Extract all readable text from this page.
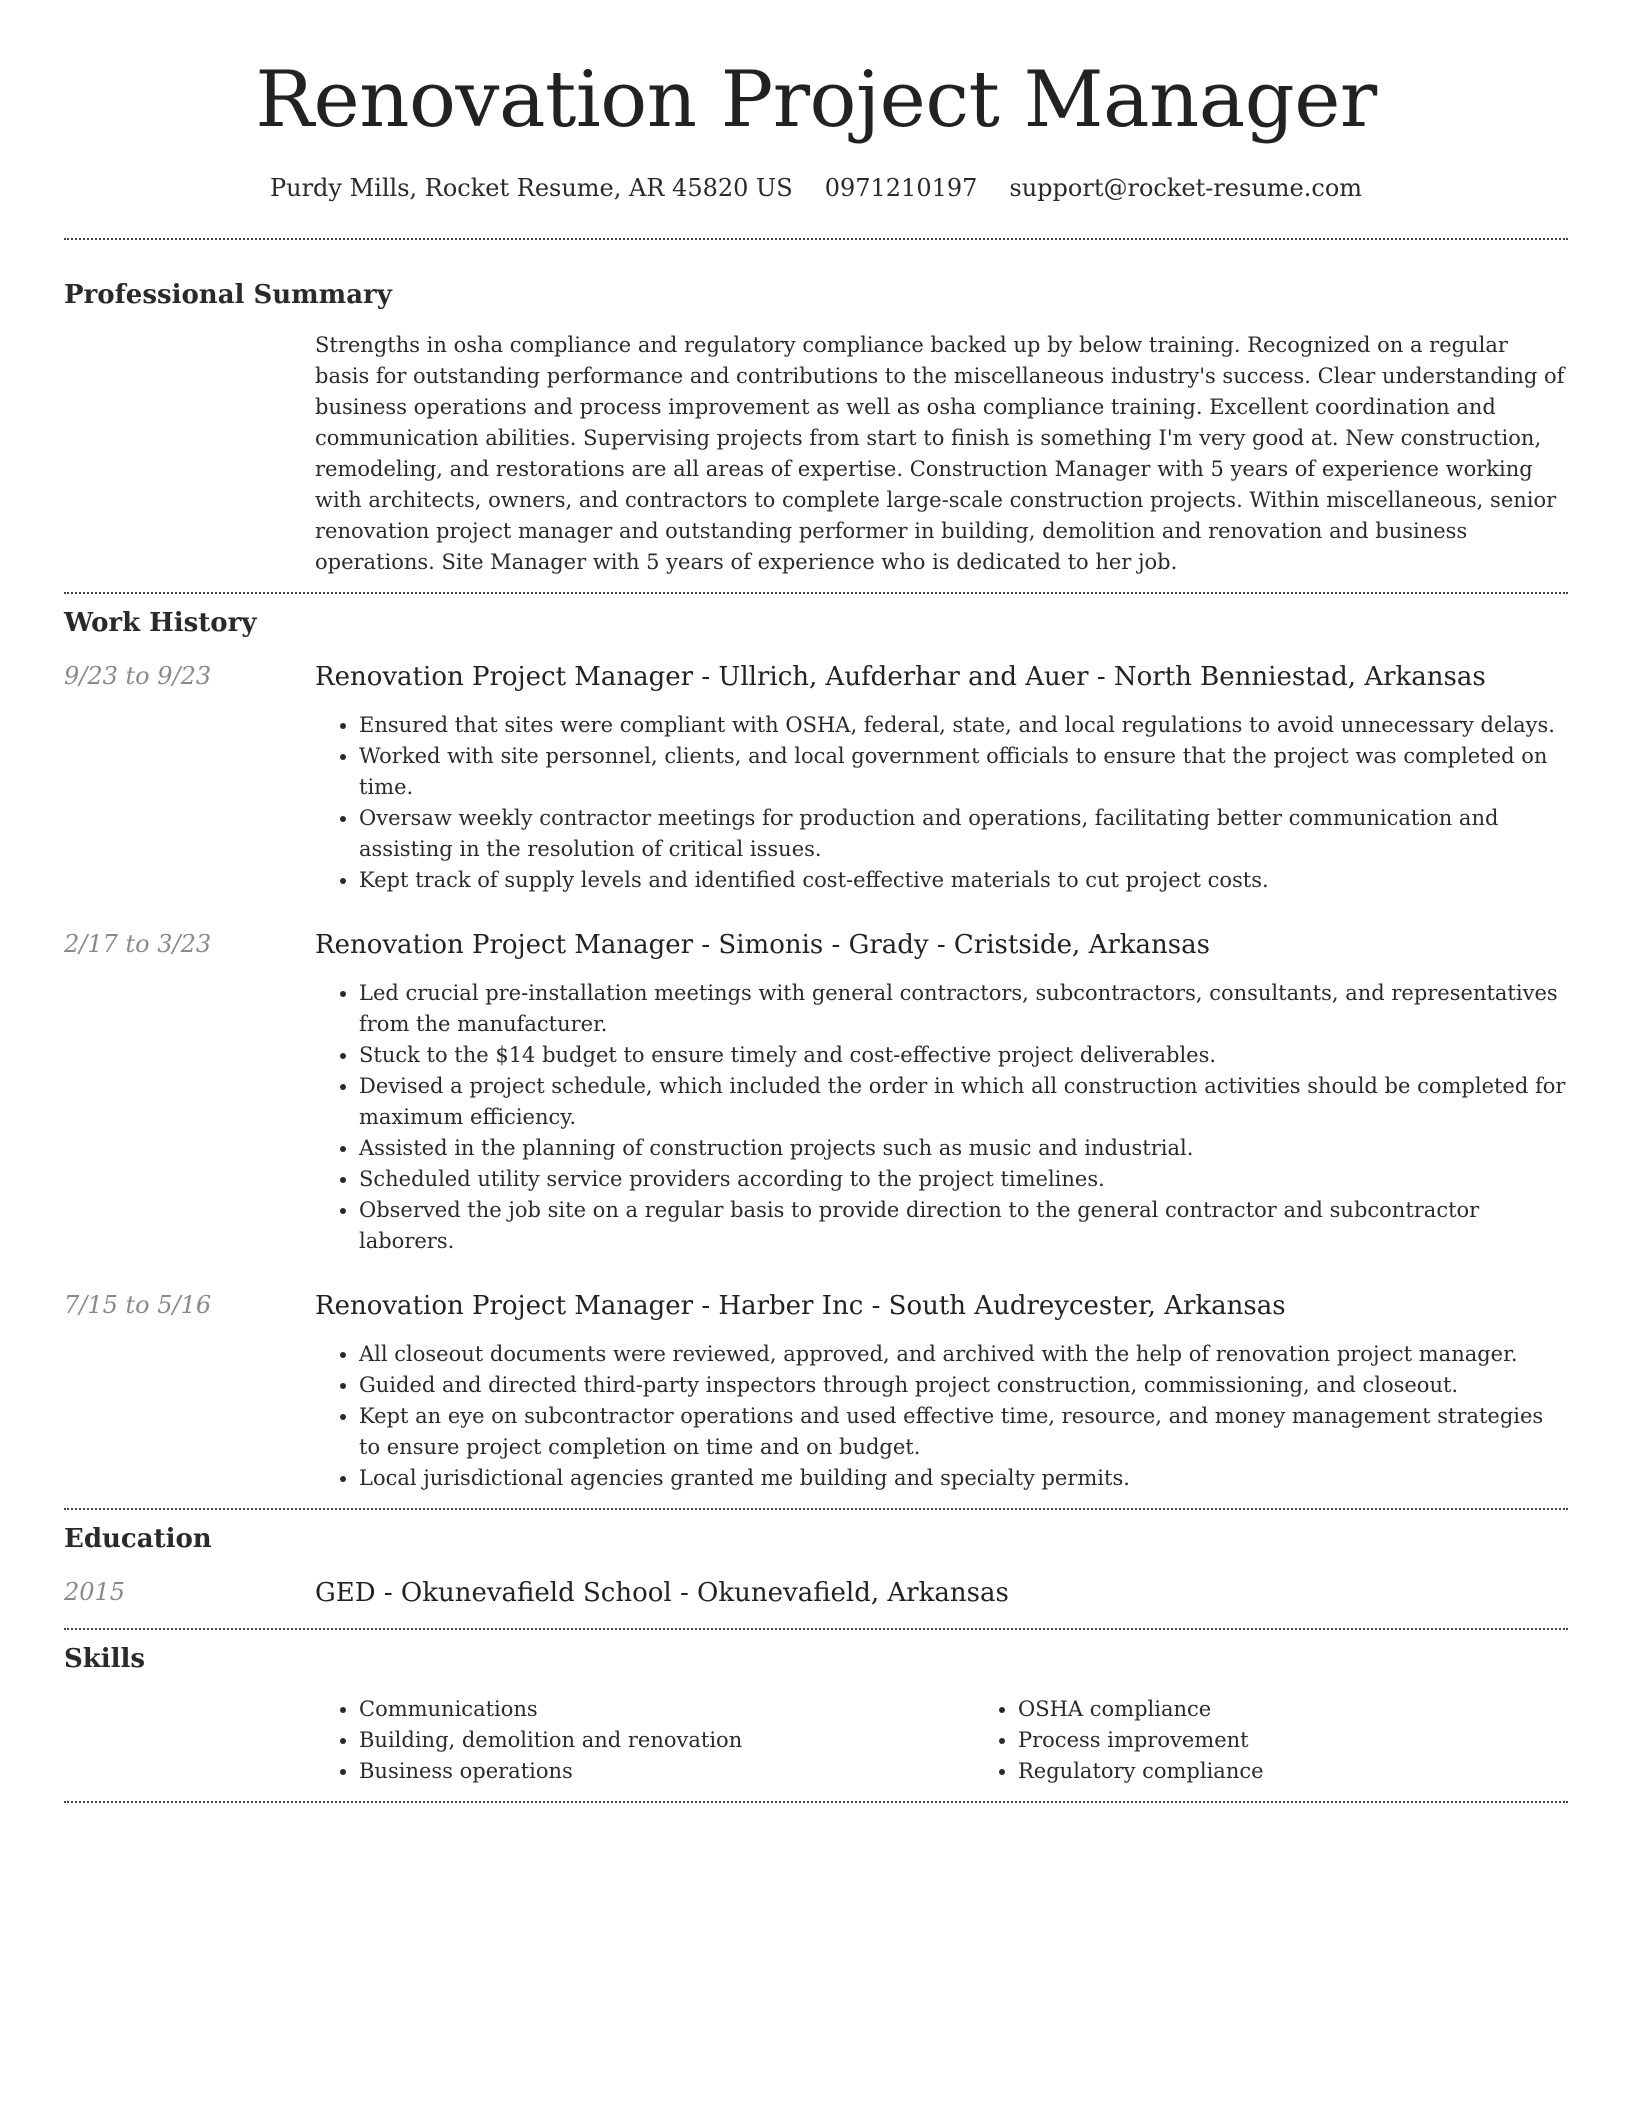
Renovation Project Manager
Purdy Mills, Rocket Resume, AR 45820 US 0971210197 support@rocket-resume.com
Professional Summary
Strengths in osha compliance and regulatory compliance backed up by below training. Recognized on a regular basis for outstanding performance and contributions to the miscellaneous industry's success. Clear understanding of business operations and process improvement as well as osha compliance training. Excellent coordination and communication abilities. Supervising projects from start to finish is something I'm very good at. New construction, remodeling, and restorations are all areas of expertise. Construction Manager with 5 years of experience working with architects, owners, and contractors to complete large-scale construction projects. Within miscellaneous, senior renovation project manager and outstanding performer in building, demolition and renovation and business operations. Site Manager with 5 years of experience who is dedicated to her job.
Work History
9/23 to 9/23	Renovation Project Manager - Ullrich, Aufderhar and Auer - North Benniestad, Arkansas
• Ensured that sites were compliant with OSHA, federal, state, and local regulations to avoid unnecessary delays.
• Worked with site personnel, clients, and local government officials to ensure that the project was completed on time.
• Oversaw weekly contractor meetings for production and operations, facilitating better communication and assisting in the resolution of critical issues.
• Kept track of supply levels and identified cost-effective materials to cut project costs.
2/17 to 3/23	Renovation Project Manager - Simonis - Grady - Cristside, Arkansas
• Led crucial pre-installation meetings with general contractors, subcontractors, consultants, and representatives from the manufacturer.
• Stuck to the $14 budget to ensure timely and cost-effective project deliverables.
• Devised a project schedule, which included the order in which all construction activities should be completed for maximum efficiency.
• Assisted in the planning of construction projects such as music and industrial.
• Scheduled utility service providers according to the project timelines.
• Observed the job site on a regular basis to provide direction to the general contractor and subcontractor laborers.
7/15 to 5/16	Renovation Project Manager - Harber Inc - South Audreycester, Arkansas
• All closeout documents were reviewed, approved, and archived with the help of renovation project manager.
• Guided and directed third-party inspectors through project construction, commissioning, and closeout.
• Kept an eye on subcontractor operations and used effective time, resource, and money management strategies to ensure project completion on time and on budget.
• Local jurisdictional agencies granted me building and specialty permits.
Education
2015	GED - Okunevafield School - Okunevafield, Arkansas
Skills
• Communications
• Building, demolition and renovation
• Business operations
• OSHA compliance
• Process improvement
• Regulatory compliance
